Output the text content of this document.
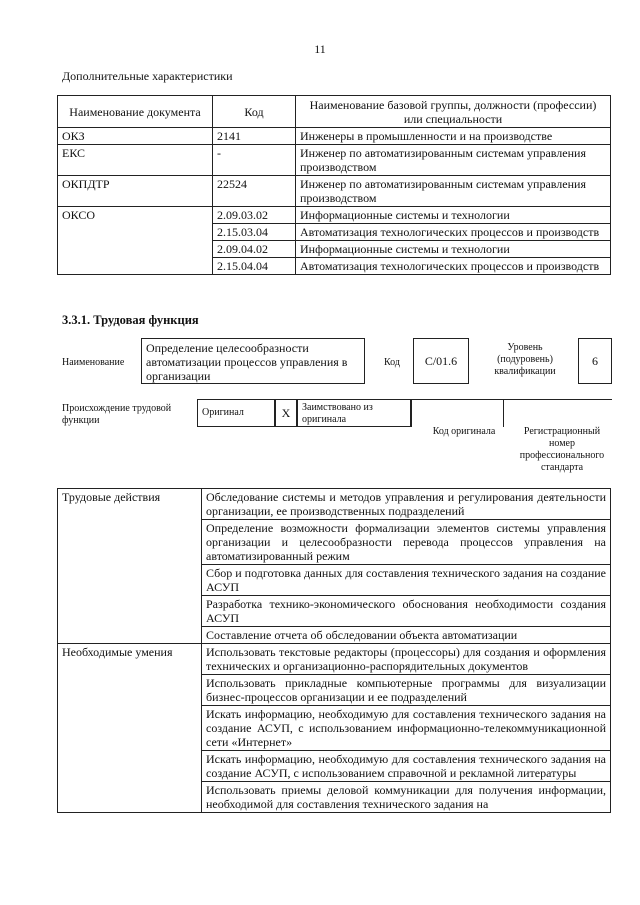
11
Дополнительные характеристики
Наименование документа	Код	Наименование базовой группы, должности (профессии) или специальности
ОКЗ	2141	Инженеры в промышленности и на производстве
ЕКС	-	Инженер по автоматизированным системам управления производством
ОКПДТР	22524	Инженер по автоматизированным системам управления производством
ОКСО	2.09.03.02	Информационные системы и технологии
	2.15.03.04	Автоматизация технологических процессов и производств
	2.09.04.02	Информационные системы и технологии
	2.15.04.04	Автоматизация технологических процессов и производств
3.3.1. Трудовая функция
Наименование
Определение целесообразности автоматизации процессов управления в организации
Код	C/01.6
Уровень (подуровень) квалификации
6
Происхождение трудовой функции
Оригинал	X	Заимствовано из оригинала
Код оригинала	Регистрационный номер профессионального стандарта
Трудовые действия	Обследование системы и методов управления и регулирования деятельности организации, ее производственных подразделений
	Определение возможности формализации элементов системы управления организации и целесообразности перевода процессов управления на автоматизированный режим
	Сбор и подготовка данных для составления технического задания на создание АСУП
	Разработка технико-экономического обоснования необходимости создания АСУП
	Составление отчета об обследовании объекта автоматизации
Необходимые умения	Использовать текстовые редакторы (процессоры) для создания и оформления технических и организационно-распорядительных документов
	Использовать прикладные компьютерные программы для визуализации бизнес-процессов организации и ее подразделений
	Искать информацию, необходимую для составления технического задания на создание АСУП, с использованием информационно-телекоммуникационной сети «Интернет»
	Искать информацию, необходимую для составления технического задания на создание АСУП, с использованием справочной и рекламной литературы
	Использовать приемы деловой коммуникации для получения информации, необходимой для составления технического задания на
